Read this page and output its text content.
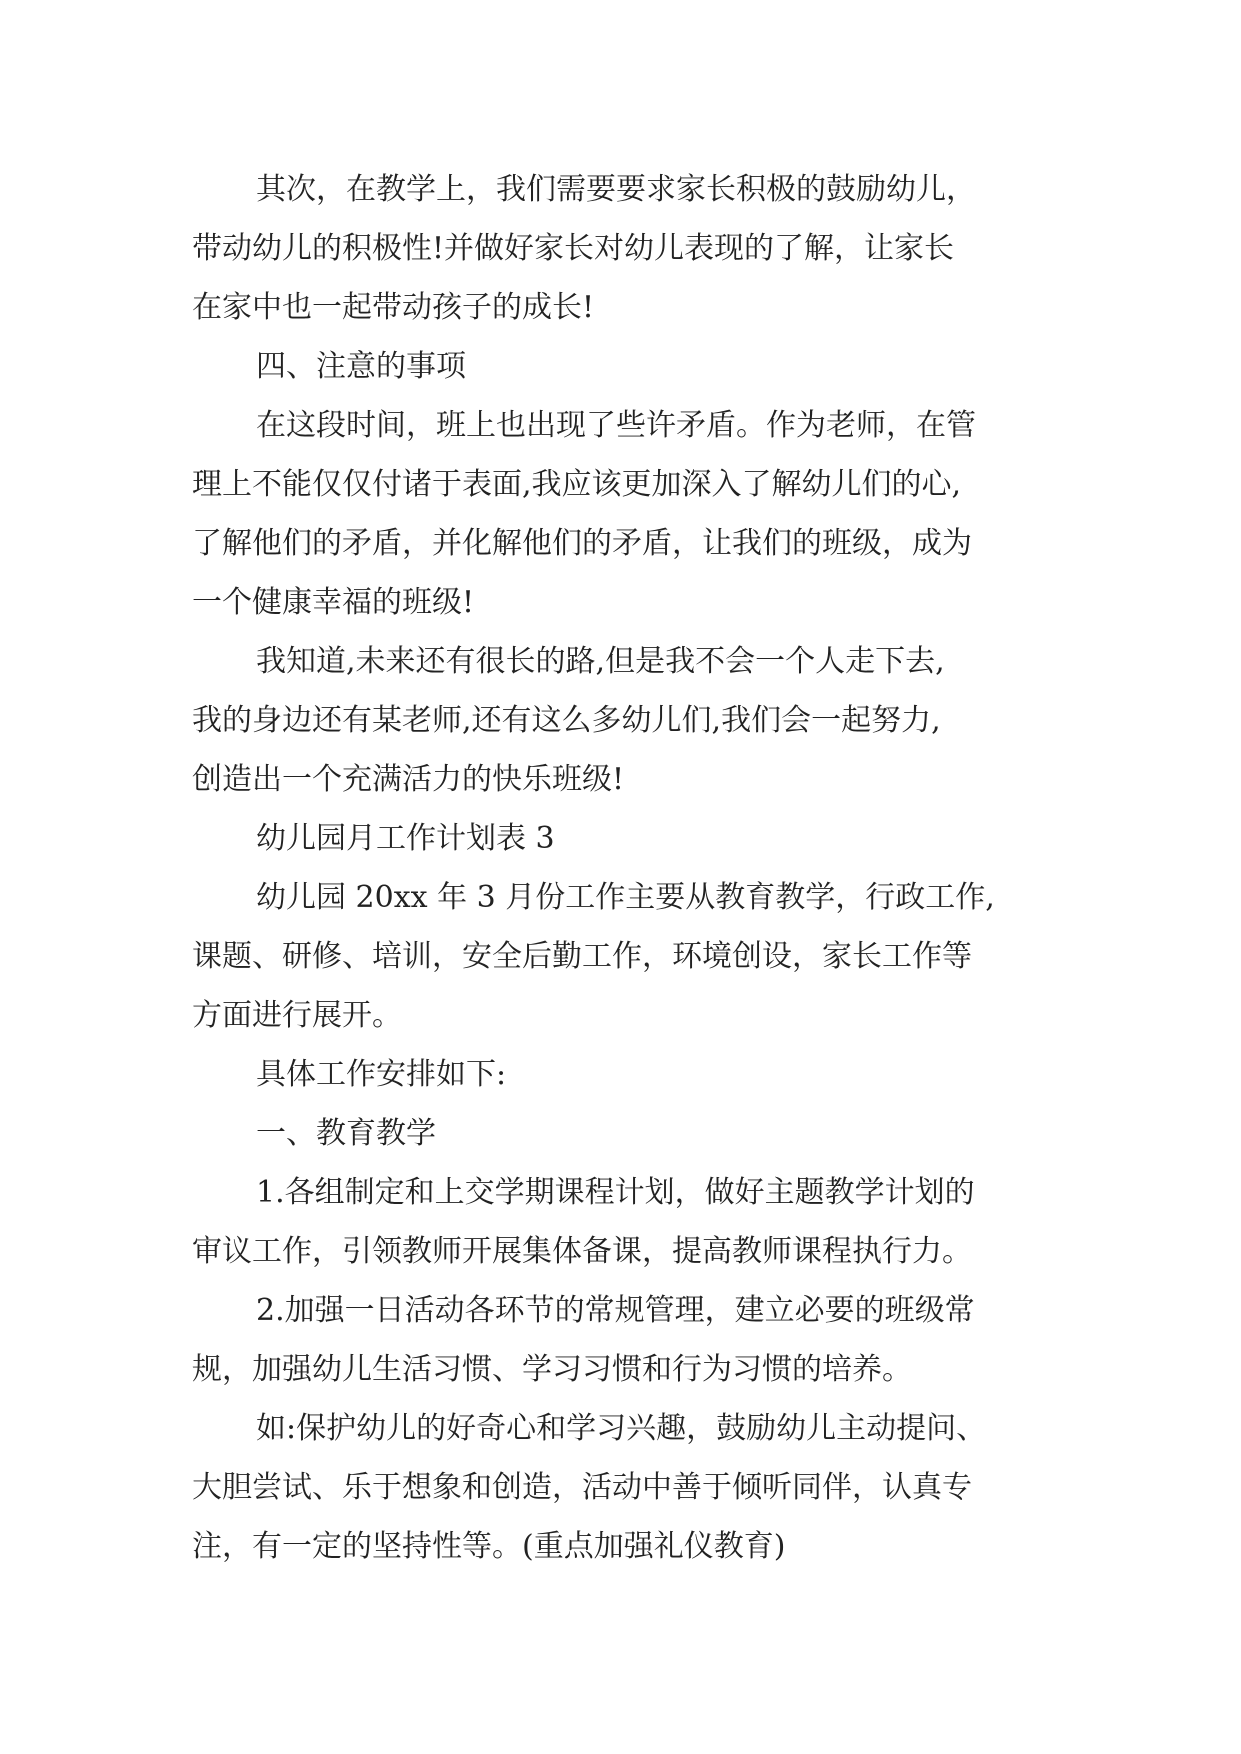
其次，在教学上，我们需要要求家长积极的鼓励幼儿，
带动幼儿的积极性!并做好家长对幼儿表现的了解，让家长
在家中也一起带动孩子的成长!
四、注意的事项
在这段时间，班上也出现了些许矛盾。作为老师，在管
理上不能仅仅付诸于表面,我应该更加深入了解幼儿们的心,
了解他们的矛盾，并化解他们的矛盾，让我们的班级，成为
一个健康幸福的班级!
我知道,未来还有很长的路,但是我不会一个人走下去,
我的身边还有某老师,还有这么多幼儿们,我们会一起努力,
创造出一个充满活力的快乐班级!
幼儿园月工作计划表 3
幼儿园 20xx 年 3 月份工作主要从教育教学，行政工作,
课题、研修、培训，安全后勤工作，环境创设，家长工作等
方面进行展开。
具体工作安排如下:
一、教育教学
1.各组制定和上交学期课程计划，做好主题教学计划的
审议工作，引领教师开展集体备课，提高教师课程执行力。
2.加强一日活动各环节的常规管理，建立必要的班级常
规，加强幼儿生活习惯、学习习惯和行为习惯的培养。
如:保护幼儿的好奇心和学习兴趣，鼓励幼儿主动提问、
大胆尝试、乐于想象和创造，活动中善于倾听同伴，认真专
注，有一定的坚持性等。(重点加强礼仪教育)
